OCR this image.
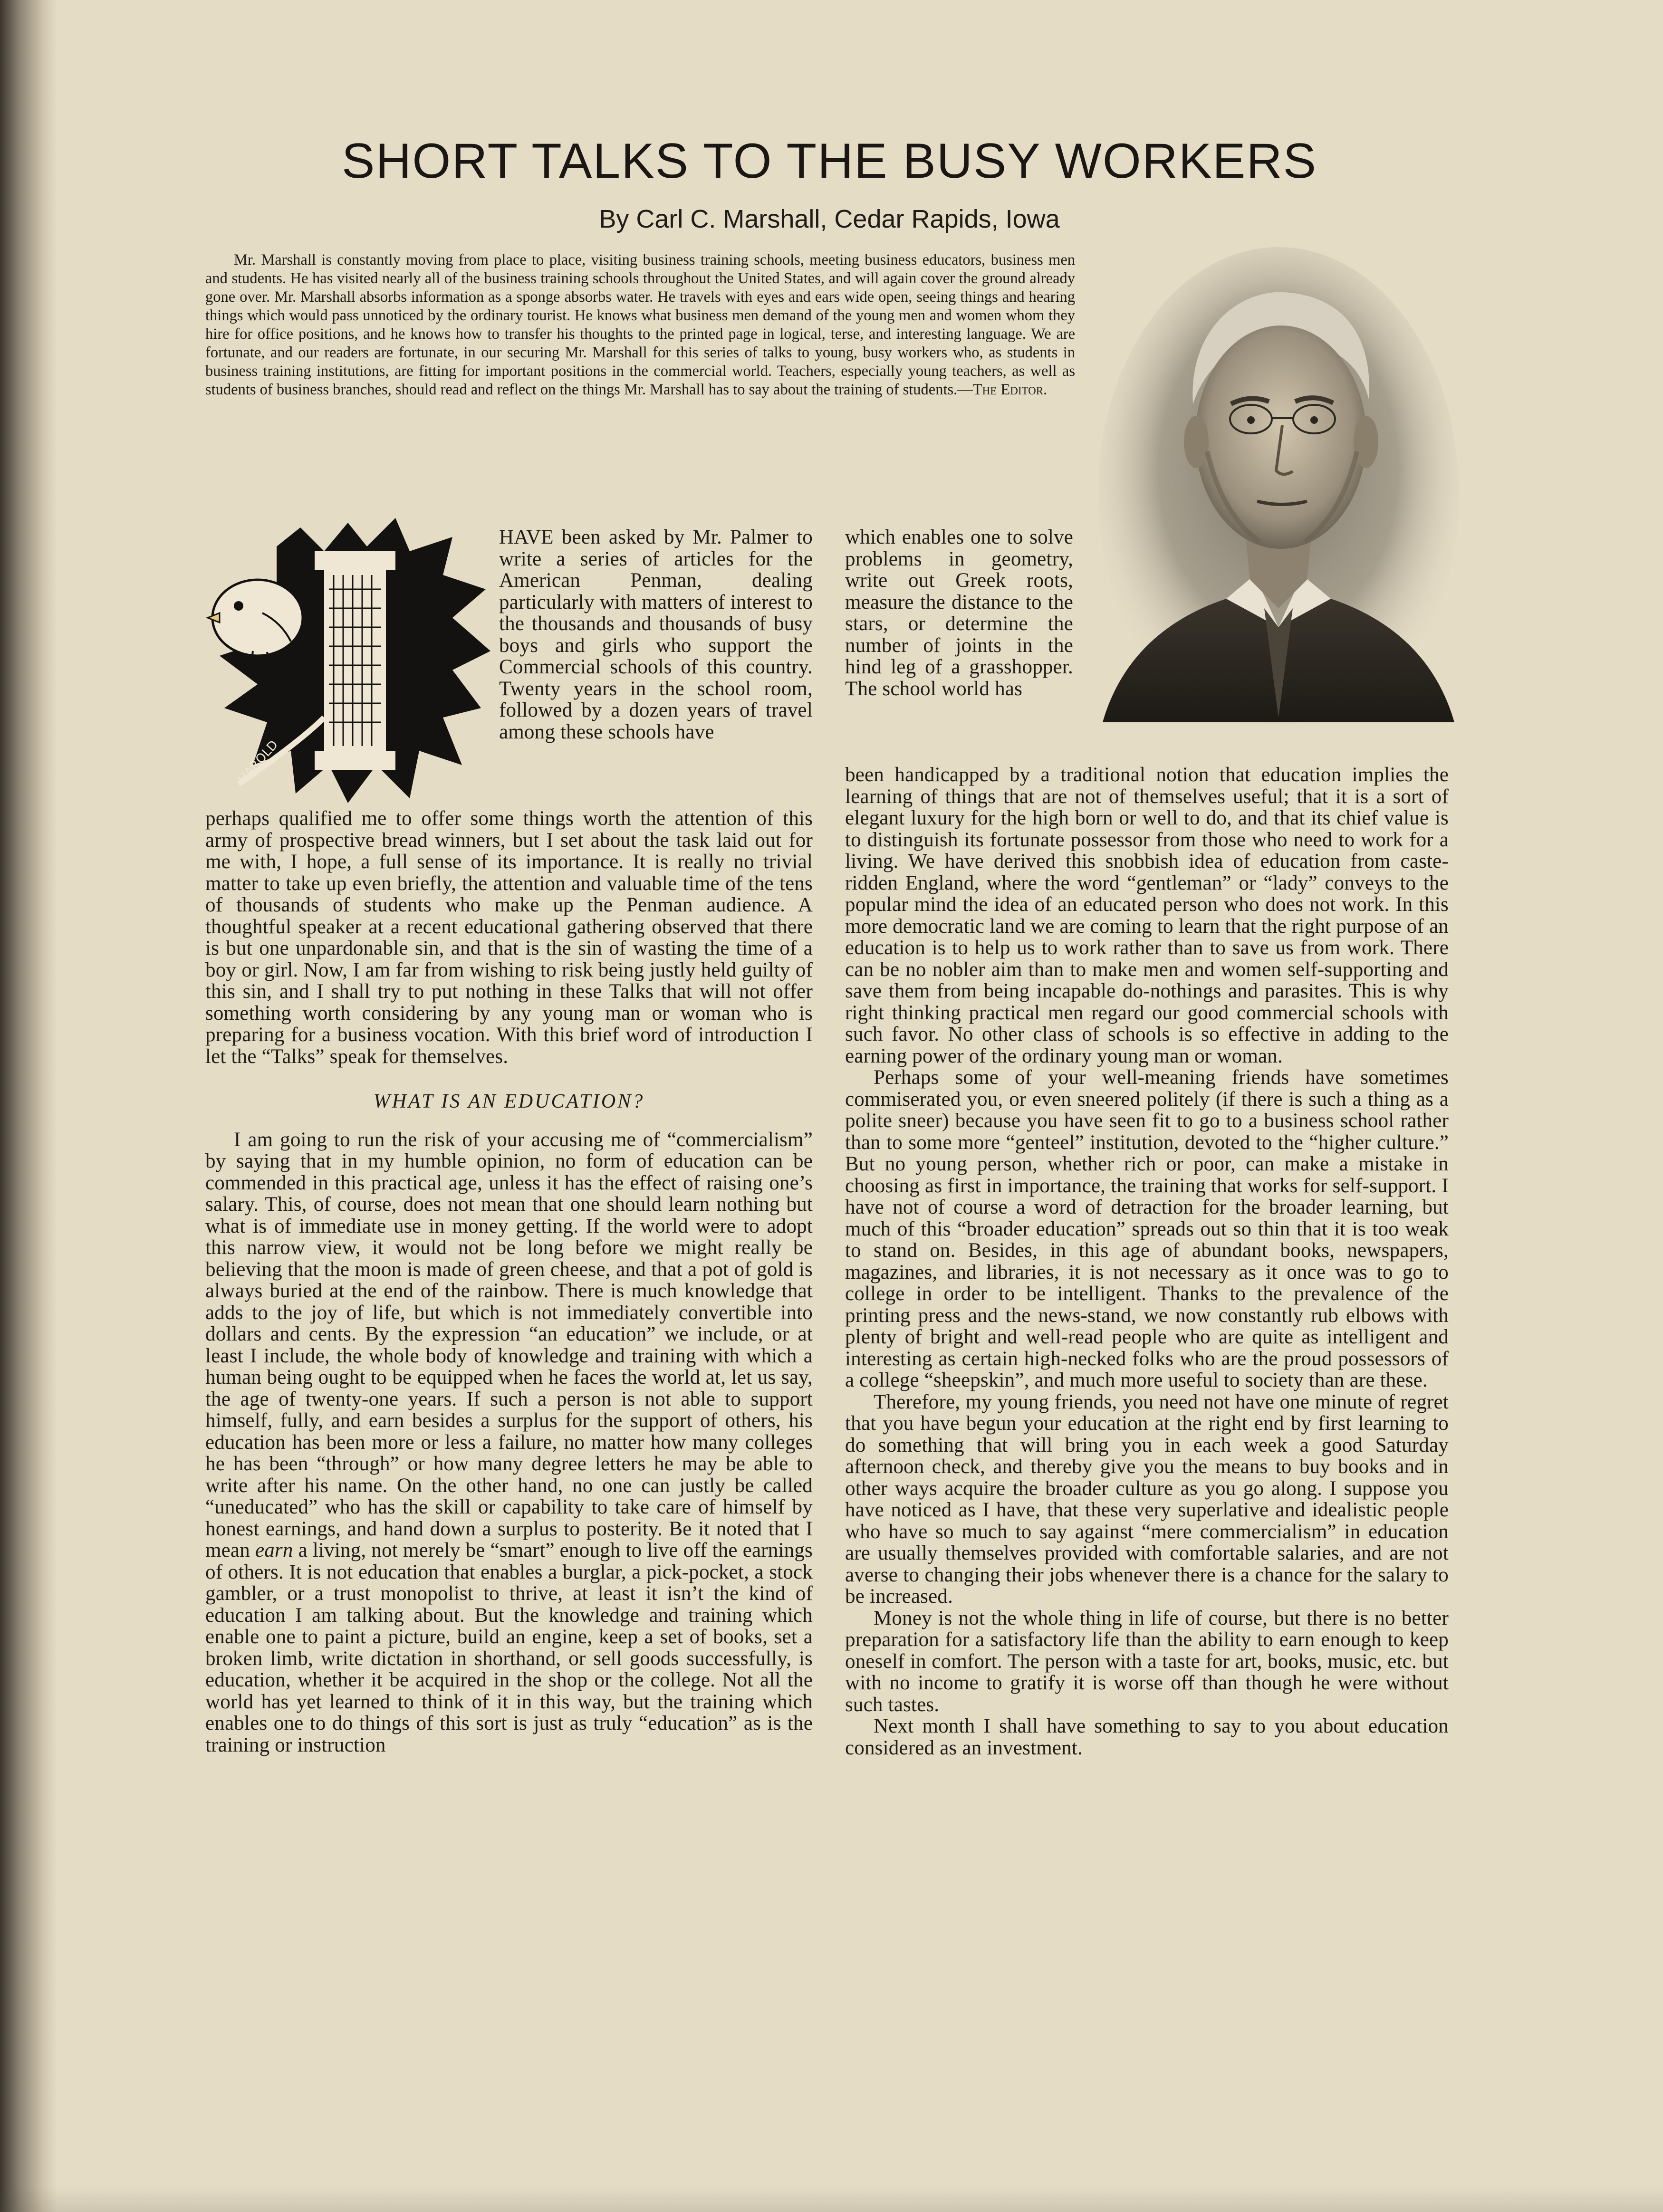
SHORT TALKS TO THE BUSY WORKERS
By Carl C. Marshall, Cedar Rapids, Iowa

Mr. Marshall is constantly moving from place to place, visiting business training schools, meeting business educators, business men and students. He has visited nearly all of the business training schools throughout the United States, and will again cover the ground already gone over. Mr. Marshall absorbs information as a sponge absorbs water. He travels with eyes and ears wide open, seeing things and hearing things which would pass unnoticed by the ordinary tourist. He knows what business men demand of the young men and women whom they hire for office positions, and he knows how to transfer his thoughts to the printed page in logical, terse, and interesting language. We are fortunate, and our readers are fortunate, in our securing Mr. Marshall for this series of talks to young, busy workers who, as students in business training institutions, are fitting for important positions in the commercial world. Teachers, especially young teachers, as well as students of business branches, should read and reflect on the things Mr. Marshall has to say about the training of students.—The Editor.

HAROLD

HAVE been asked by Mr. Palmer to write a series of articles for the American Penman, dealing particularly with matters of interest to the thousands and thousands of busy boys and girls who support the Commercial schools of this country. Twenty years in the school room, followed by a dozen years of travel among these schools have

perhaps qualified me to offer some things worth the attention of this army of prospective bread winners, but I set about the task laid out for me with, I hope, a full sense of its importance. It is really no trivial matter to take up even briefly, the attention and valuable time of the tens of thousands of students who make up the Penman audience. A thoughtful speaker at a recent educational gathering observed that there is but one unpardonable sin, and that is the sin of wasting the time of a boy or girl. Now, I am far from wishing to risk being justly held guilty of this sin, and I shall try to put nothing in these Talks that will not offer something worth considering by any young man or woman who is preparing for a business vocation. With this brief word of introduction I let the “Talks” speak for themselves.

WHAT IS AN EDUCATION?

I am going to run the risk of your accusing me of “commercialism” by saying that in my humble opinion, no form of education can be commended in this practical age, unless it has the effect of raising one’s salary. This, of course, does not mean that one should learn nothing but what is of immediate use in money getting. If the world were to adopt this narrow view, it would not be long before we might really be believing that the moon is made of green cheese, and that a pot of gold is always buried at the end of the rainbow. There is much knowledge that adds to the joy of life, but which is not immediately convertible into dollars and cents. By the expression “an education” we include, or at least I include, the whole body of knowledge and training with which a human being ought to be equipped when he faces the world at, let us say, the age of twenty-one years. If such a person is not able to support himself, fully, and earn besides a surplus for the support of others, his education has been more or less a failure, no matter how many colleges he has been “through” or how many degree letters he may be able to write after his name. On the other hand, no one can justly be called “uneducated” who has the skill or capability to take care of himself by honest earnings, and hand down a surplus to posterity. Be it noted that I mean earn a living, not merely be “smart” enough to live off the earnings of others. It is not education that enables a burglar, a pick-pocket, a stock gambler, or a trust monopolist to thrive, at least it isn’t the kind of education I am talking about. But the knowledge and training which enable one to paint a picture, build an engine, keep a set of books, set a broken limb, write dictation in shorthand, or sell goods successfully, is education, whether it be acquired in the shop or the college. Not all the world has yet learned to think of it in this way, but the training which enables one to do things of this sort is just as truly “education” as is the training or instruction

which enables one to solve problems in geometry, write out Greek roots, measure the distance to the stars, or determine the number of joints in the hind leg of a grasshopper. The school world has

been handicapped by a traditional notion that education implies the learning of things that are not of themselves useful; that it is a sort of elegant luxury for the high born or well to do, and that its chief value is to distinguish its fortunate possessor from those who need to work for a living. We have derived this snobbish idea of education from caste-ridden England, where the word “gentleman” or “lady” conveys to the popular mind the idea of an educated person who does not work. In this more democratic land we are coming to learn that the right purpose of an education is to help us to work rather than to save us from work. There can be no nobler aim than to make men and women self-supporting and save them from being incapable do-nothings and parasites. This is why right thinking practical men regard our good commercial schools with such favor. No other class of schools is so effective in adding to the earning power of the ordinary young man or woman.

Perhaps some of your well-meaning friends have sometimes commiserated you, or even sneered politely (if there is such a thing as a polite sneer) because you have seen fit to go to a business school rather than to some more “genteel” institution, devoted to the “higher culture.” But no young person, whether rich or poor, can make a mistake in choosing as first in importance, the training that works for self-support. I have not of course a word of detraction for the broader learning, but much of this “broader education” spreads out so thin that it is too weak to stand on. Besides, in this age of abundant books, newspapers, magazines, and libraries, it is not necessary as it once was to go to college in order to be intelligent. Thanks to the prevalence of the printing press and the news-stand, we now constantly rub elbows with plenty of bright and well-read people who are quite as intelligent and interesting as certain high-necked folks who are the proud possessors of a college “sheepskin”, and much more useful to society than are these.

Therefore, my young friends, you need not have one minute of regret that you have begun your education at the right end by first learning to do something that will bring you in each week a good Saturday afternoon check, and thereby give you the means to buy books and in other ways acquire the broader culture as you go along. I suppose you have noticed as I have, that these very superlative and idealistic people who have so much to say against “mere commercialism” in education are usually themselves provided with comfortable salaries, and are not averse to changing their jobs whenever there is a chance for the salary to be increased.

Money is not the whole thing in life of course, but there is no better preparation for a satisfactory life than the ability to earn enough to keep oneself in comfort. The person with a taste for art, books, music, etc. but with no income to gratify it is worse off than though he were without such tastes.

Next month I shall have something to say to you about education considered as an investment.
